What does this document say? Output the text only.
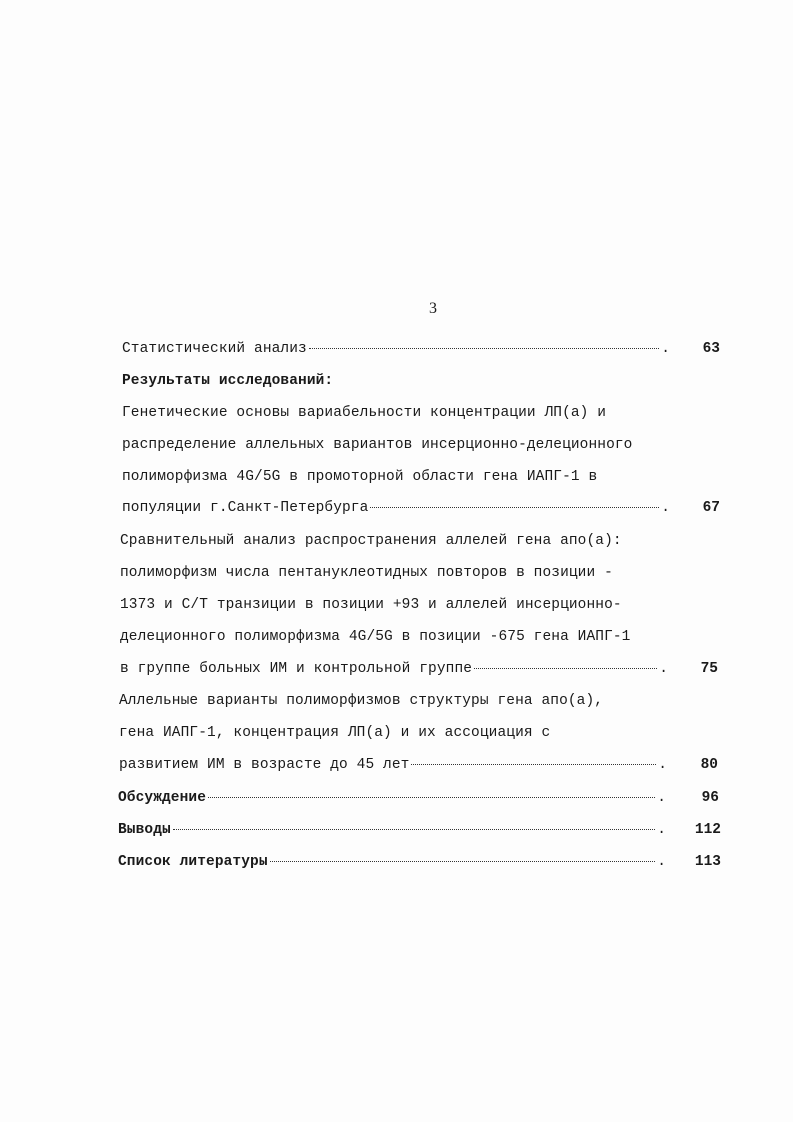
3
Статистический анализ	.	63
Результаты исследований:
Генетические основы вариабельности концентрации ЛП(а) и
распределение аллельных вариантов инсерционно-делеционного
полиморфизма 4G/5G в промоторной области гена ИАПГ-1 в
популяции г.Санкт-Петербурга	.	67
Сравнительный анализ распространения аллелей гена апо(а):
полиморфизм числа пентануклеотидных повторов в позиции -
1373 и C/T транзиции в позиции +93 и аллелей инсерционно-
делеционного полиморфизма 4G/5G в позиции -675 гена ИАПГ-1
в группе больных ИМ и контрольной группе	.	75
Аллельные варианты полиморфизмов структуры гена апо(а),
гена ИАПГ-1, концентрация ЛП(а) и их ассоциация с
развитием ИМ в возрасте до 45 лет	.	80
Обсуждение	.	96
Выводы	.	112
Список литературы	.	113
